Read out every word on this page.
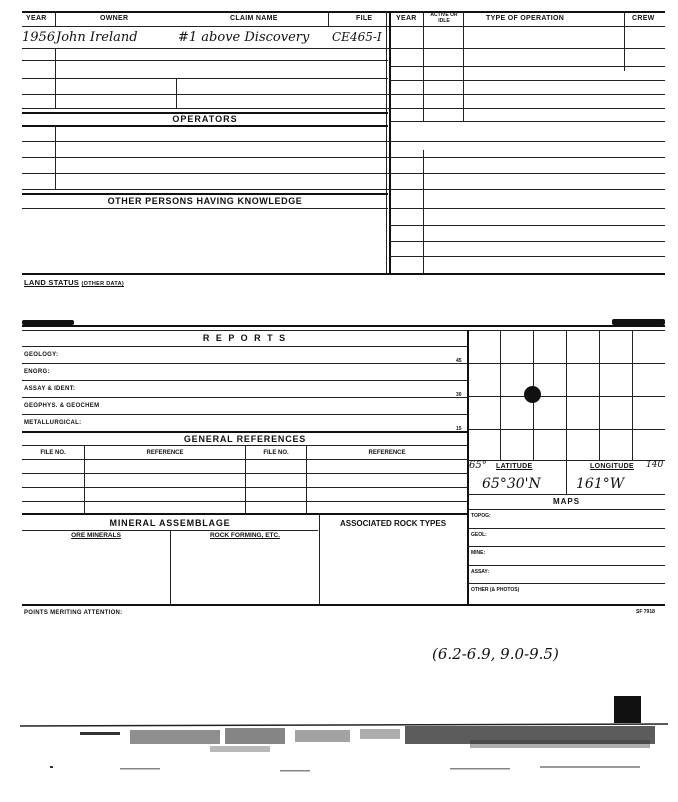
YEAR	OWNER	CLAIM NAME	FILE	YEAR	ACTIVE OR IDLE	TYPE OF OPERATION	CREW
1956 John Ireland	#1 above Discovery CE465-I
OPERATORS
OTHER PERSONS HAVING KNOWLEDGE
LAND STATUS (OTHER DATA)
R E P O R T S
GEOLOGY:
ENGRG:
ASSAY & IDENT:
GEOPHYS. & GEOCHEM
METALLURGICAL:
45
30
15
GENERAL REFERENCES
FILE NO.	REFERENCE	FILE NO.	REFERENCE
65° LATITUDE	LONGITUDE 140
65°30'N	161°W
MAPS
TOPOG:
GEOL:
MINE:
ASSAY:
OTHER (& PHOTOS)
MINERAL ASSEMBLAGE
ORE MINERALS	ROCK FORMING, ETC.
ASSOCIATED ROCK TYPES
POINTS MERITING ATTENTION:	SF 7918
(6.2-6.9, 9.0-9.5)
